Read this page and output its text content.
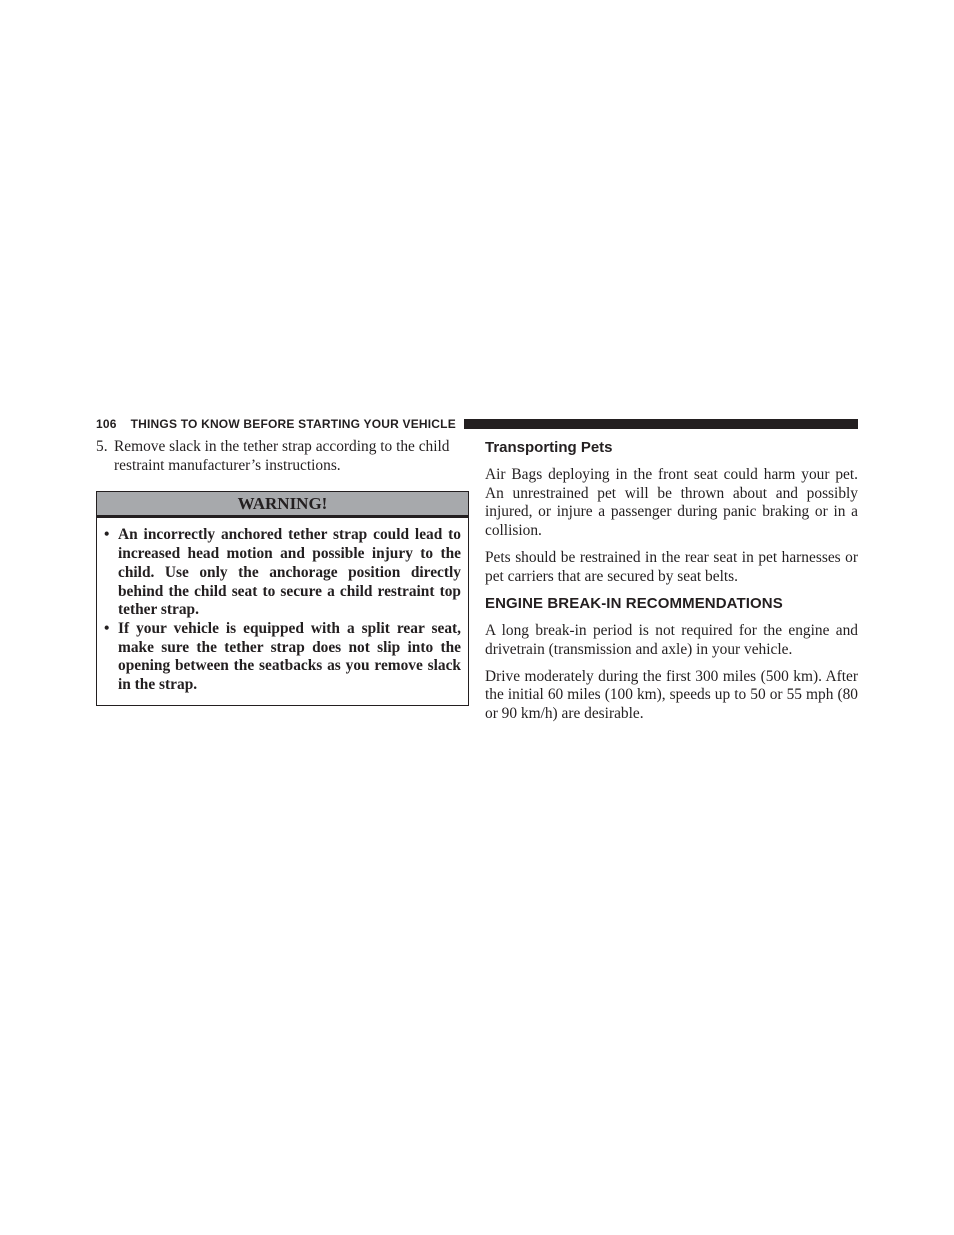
106 THINGS TO KNOW BEFORE STARTING YOUR VEHICLE
5. Remove slack in the tether strap according to the child restraint manufacturer’s instructions.
WARNING!
• An incorrectly anchored tether strap could lead to increased head motion and possible injury to the child. Use only the anchorage position directly behind the child seat to secure a child restraint top tether strap.
• If your vehicle is equipped with a split rear seat, make sure the tether strap does not slip into the opening between the seatbacks as you remove slack in the strap.
Transporting Pets

Air Bags deploying in the front seat could harm your pet. An unrestrained pet will be thrown about and possibly injured, or injure a passenger during panic braking or in a collision.

Pets should be restrained in the rear seat in pet harnesses or pet carriers that are secured by seat belts.

ENGINE BREAK-IN RECOMMENDATIONS

A long break-in period is not required for the engine and drivetrain (transmission and axle) in your vehicle.

Drive moderately during the first 300 miles (500 km). After the initial 60 miles (100 km), speeds up to 50 or 55 mph (80 or 90 km/h) are desirable.
